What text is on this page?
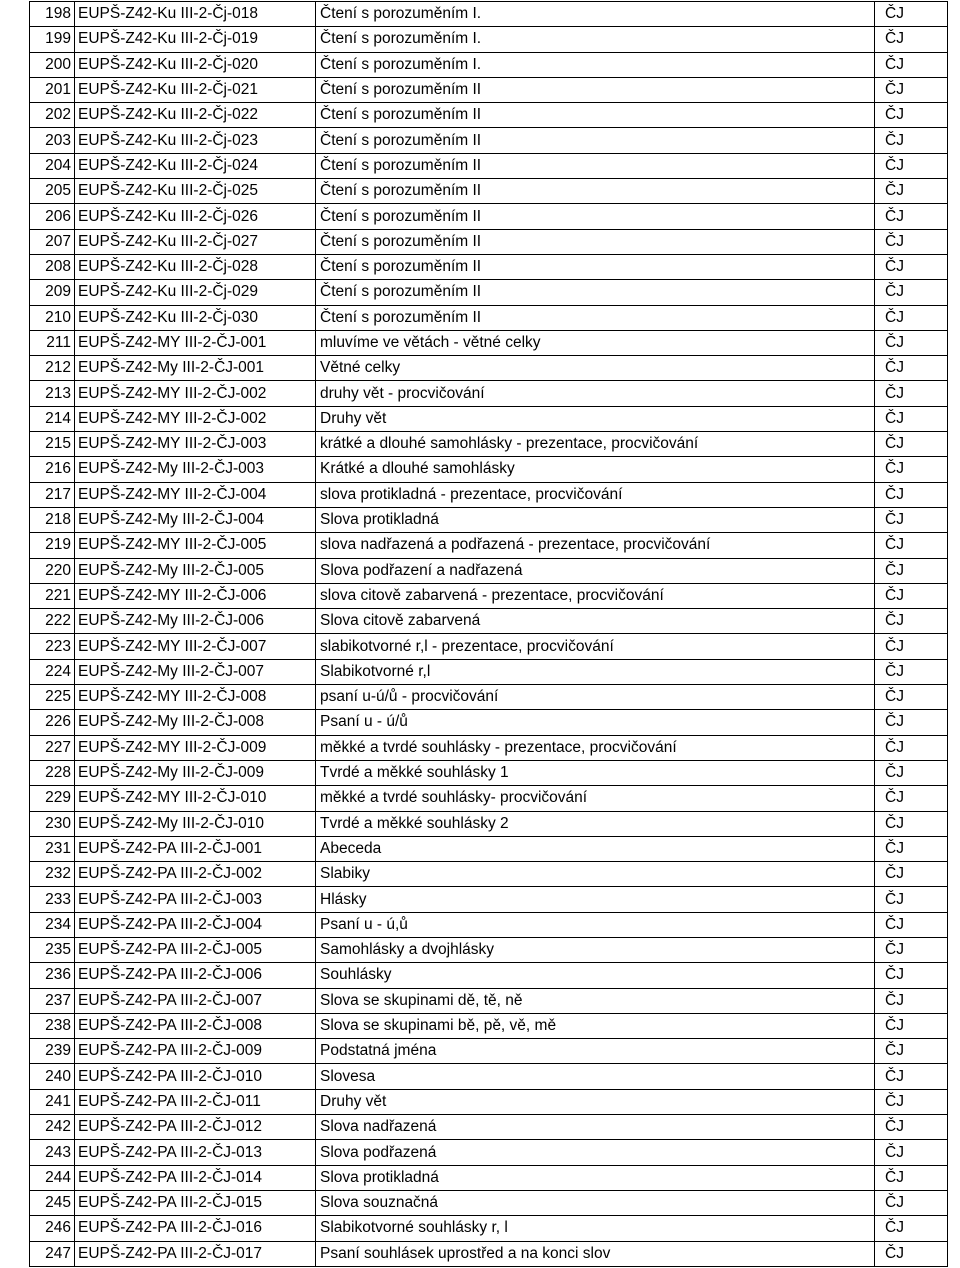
198	EUPŠ-Z42-Ku III-2-Čj-018	Čtení s porozuměním I.	ČJ
199	EUPŠ-Z42-Ku III-2-Čj-019	Čtení s porozuměním I.	ČJ
200	EUPŠ-Z42-Ku III-2-Čj-020	Čtení s porozuměním I.	ČJ
201	EUPŠ-Z42-Ku III-2-Čj-021	Čtení s porozuměním II	ČJ
202	EUPŠ-Z42-Ku III-2-Čj-022	Čtení s porozuměním II	ČJ
203	EUPŠ-Z42-Ku III-2-Čj-023	Čtení s porozuměním II	ČJ
204	EUPŠ-Z42-Ku III-2-Čj-024	Čtení s porozuměním II	ČJ
205	EUPŠ-Z42-Ku III-2-Čj-025	Čtení s porozuměním II	ČJ
206	EUPŠ-Z42-Ku III-2-Čj-026	Čtení s porozuměním II	ČJ
207	EUPŠ-Z42-Ku III-2-Čj-027	Čtení s porozuměním II	ČJ
208	EUPŠ-Z42-Ku III-2-Čj-028	Čtení s porozuměním II	ČJ
209	EUPŠ-Z42-Ku III-2-Čj-029	Čtení s porozuměním II	ČJ
210	EUPŠ-Z42-Ku III-2-Čj-030	Čtení s porozuměním II	ČJ
211	EUPŠ-Z42-MY III-2-ČJ-001	mluvíme ve větách - větné celky	ČJ
212	EUPŠ-Z42-My III-2-ČJ-001	Větné celky	ČJ
213	EUPŠ-Z42-MY III-2-ČJ-002	druhy vět - procvičování	ČJ
214	EUPŠ-Z42-MY III-2-ČJ-002	Druhy vět	ČJ
215	EUPŠ-Z42-MY III-2-ČJ-003	krátké a dlouhé samohlásky - prezentace, procvičování	ČJ
216	EUPŠ-Z42-My III-2-ČJ-003	Krátké a dlouhé samohlásky	ČJ
217	EUPŠ-Z42-MY III-2-ČJ-004	slova protikladná - prezentace, procvičování	ČJ
218	EUPŠ-Z42-My III-2-ČJ-004	Slova protikladná	ČJ
219	EUPŠ-Z42-MY III-2-ČJ-005	slova nadřazená a podřazená - prezentace, procvičování	ČJ
220	EUPŠ-Z42-My III-2-ČJ-005	Slova podřazení a nadřazená	ČJ
221	EUPŠ-Z42-MY III-2-ČJ-006	slova citově zabarvená - prezentace, procvičování	ČJ
222	EUPŠ-Z42-My III-2-ČJ-006	Slova citově zabarvená	ČJ
223	EUPŠ-Z42-MY III-2-ČJ-007	slabikotvorné r,l - prezentace, procvičování	ČJ
224	EUPŠ-Z42-My III-2-ČJ-007	Slabikotvorné r,l	ČJ
225	EUPŠ-Z42-MY III-2-ČJ-008	psaní u-ú/ů - procvičování	ČJ
226	EUPŠ-Z42-My III-2-ČJ-008	Psaní u - ú/ů	ČJ
227	EUPŠ-Z42-MY III-2-ČJ-009	měkké a tvrdé souhlásky - prezentace, procvičování	ČJ
228	EUPŠ-Z42-My III-2-ČJ-009	Tvrdé a měkké souhlásky 1	ČJ
229	EUPŠ-Z42-MY III-2-ČJ-010	měkké a tvrdé souhlásky- procvičování	ČJ
230	EUPŠ-Z42-My III-2-ČJ-010	Tvrdé a měkké souhlásky 2	ČJ
231	EUPŠ-Z42-PA III-2-ČJ-001	Abeceda	ČJ
232	EUPŠ-Z42-PA III-2-ČJ-002	Slabiky	ČJ
233	EUPŠ-Z42-PA III-2-ČJ-003	Hlásky	ČJ
234	EUPŠ-Z42-PA III-2-ČJ-004	Psaní u - ú,ů	ČJ
235	EUPŠ-Z42-PA III-2-ČJ-005	Samohlásky a dvojhlásky	ČJ
236	EUPŠ-Z42-PA III-2-ČJ-006	Souhlásky	ČJ
237	EUPŠ-Z42-PA III-2-ČJ-007	Slova se skupinami dě, tě, ně	ČJ
238	EUPŠ-Z42-PA III-2-ČJ-008	Slova se skupinami bě, pě, vě, mě	ČJ
239	EUPŠ-Z42-PA III-2-ČJ-009	Podstatná jména	ČJ
240	EUPŠ-Z42-PA III-2-ČJ-010	Slovesa	ČJ
241	EUPŠ-Z42-PA III-2-ČJ-011	Druhy vět	ČJ
242	EUPŠ-Z42-PA III-2-ČJ-012	Slova nadřazená	ČJ
243	EUPŠ-Z42-PA III-2-ČJ-013	Slova podřazená	ČJ
244	EUPŠ-Z42-PA III-2-ČJ-014	Slova protikladná	ČJ
245	EUPŠ-Z42-PA III-2-ČJ-015	Slova souznačná	ČJ
246	EUPŠ-Z42-PA III-2-ČJ-016	Slabikotvorné souhlásky r, l	ČJ
247	EUPŠ-Z42-PA III-2-ČJ-017	Psaní souhlásek uprostřed a na konci slov	ČJ
